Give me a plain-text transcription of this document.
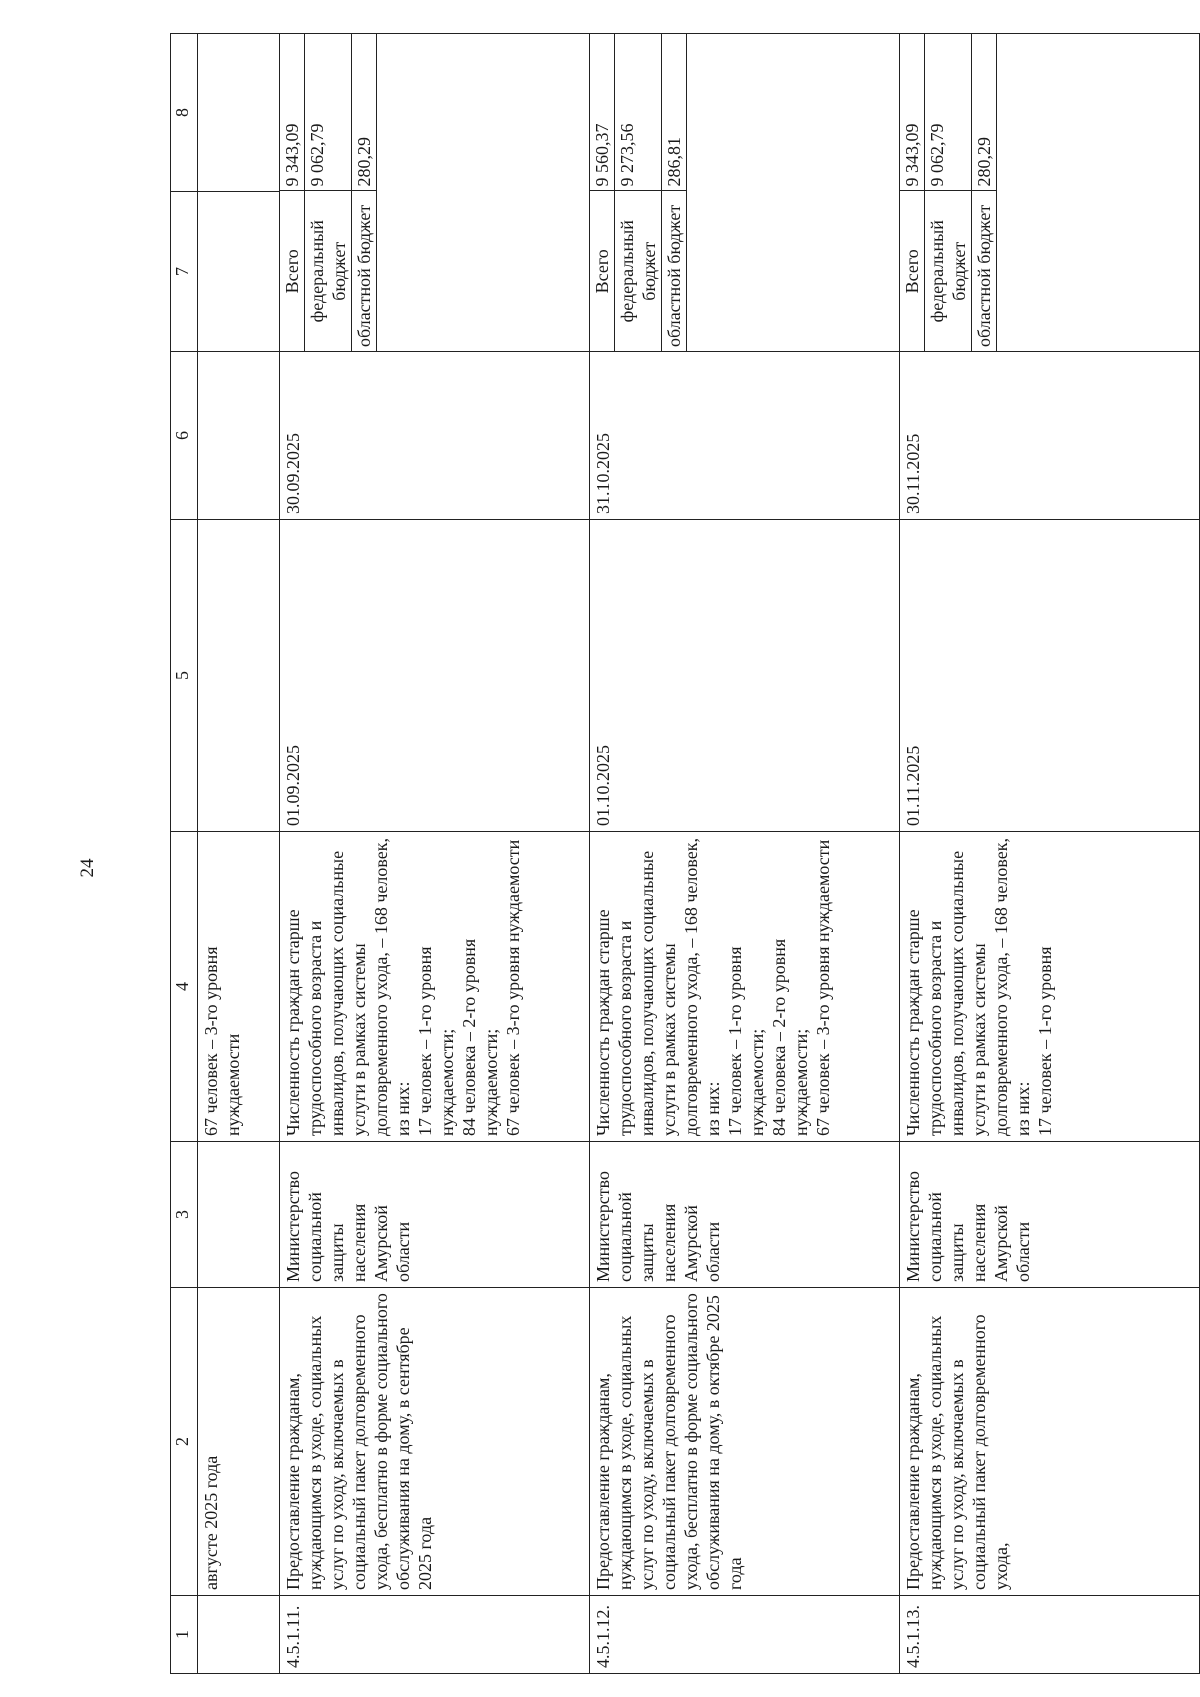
24
1	2	3	4	5	6	7	8
	августе 2025 года		67 человек – 3-го уровня
нуждаемости				
4.5.1.11.	Предоставление гражданам, нуждающимся в уходе, социальных услуг по уходу, включаемых в социальный пакет долговременного ухода, бесплатно в форме социального обслуживания на дому, в сентябре 2025 года	Министерство социальной защиты населения Амурской области	Численность граждан старше трудоспособного возраста и инвалидов, получающих социальные услуги в рамках системы долговременного ухода, – 168 человек, из них:
17 человек – 1-го уровня нуждаемости;
84 человека – 2-го уровня нуждаемости;
67 человек – 3-го уровня нуждаемости	01.09.2025	30.09.2025	
Всего	9 343,09
федеральный бюджет	9 062,79
областной бюджет	280,29

4.5.1.12.	Предоставление гражданам, нуждающимся в уходе, социальных услуг по уходу, включаемых в социальный пакет долговременного ухода, бесплатно в форме социального обслуживания на дому, в октябре 2025 года	Министерство социальной защиты населения Амурской области	Численность граждан старше трудоспособного возраста и инвалидов, получающих социальные услуги в рамках системы долговременного ухода, – 168 человек, из них:
17 человек – 1-го уровня нуждаемости;
84 человека – 2-го уровня нуждаемости;
67 человек – 3-го уровня нуждаемости	01.10.2025	31.10.2025	
Всего	9 560,37
федеральный бюджет	9 273,56
областной бюджет	286,81

4.5.1.13.	Предоставление гражданам, нуждающимся в уходе, социальных услуг по уходу, включаемых в социальный пакет долговременного ухода,	Министерство социальной защиты населения Амурской области	Численность граждан старше трудоспособного возраста и инвалидов, получающих социальные услуги в рамках системы долговременного ухода, – 168 человек, из них:
17 человек – 1-го уровня	01.11.2025	30.11.2025	
Всего	9 343,09
федеральный бюджет	9 062,79
областной бюджет	280,29
